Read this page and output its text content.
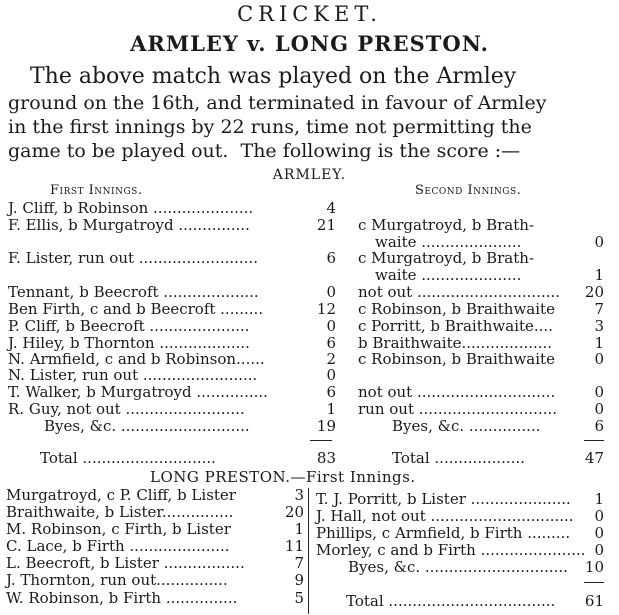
CRICKET.
ARMLEY v. LONG PRESTON.
The above match was played on the Armley
ground on the 16th, and terminated in favour of Armley
in the first innings by 22 runs, time not permitting the
game to be played out.  The following is the score :—
ARMLEY.
First Innings.	Second Innings.
J. Cliff, b Robinson .....................	4
F. Ellis, b Murgatroyd ...............	21
F. Lister, run out .........................	6
Tennant, b Beecroft ....................	0
Ben Firth, c and b Beecroft .........	12
P. Cliff, b Beecroft .....................	0
J. Hiley, b Thornton ...................	6
N. Armfield, c and b Robinson......	2
N. Lister, run out ........................	0
T. Walker, b Murgatroyd ...............	6
R. Guy, not out .........................	1
Byes, &c. ...........................	19
Total ............................	83
c Murgatroyd, b Brath-
waite .....................	0
c Murgatroyd, b Brath-
waite .....................	1
not out ..............................	20
c Robinson, b Braithwaite	7
c Porritt, b Braithwaite....	3
b Braithwaite...................	1
c Robinson, b Braithwaite	0
not out .............................	0
run out .............................	0
Byes, &c. ...............	6
Total ...................	47
LONG PRESTON.—First Innings.
Murgatroyd, c P. Cliff, b Lister	3
Braithwaite, b Lister...............	20
M. Robinson, c Firth, b Lister	1
C. Lace, b Firth .....................	11
L. Beecroft, b Lister .................	7
J. Thornton, run out...............	9
W. Robinson, b Firth ...............	5
T. J. Porritt, b Lister .....................	1
J. Hall, not out ..............................	0
Phillips, c Armfield, b Firth .........	0
Morley, c and b Firth ...................... 0
Byes, &c. ..............................	10
Total ...................................	61
